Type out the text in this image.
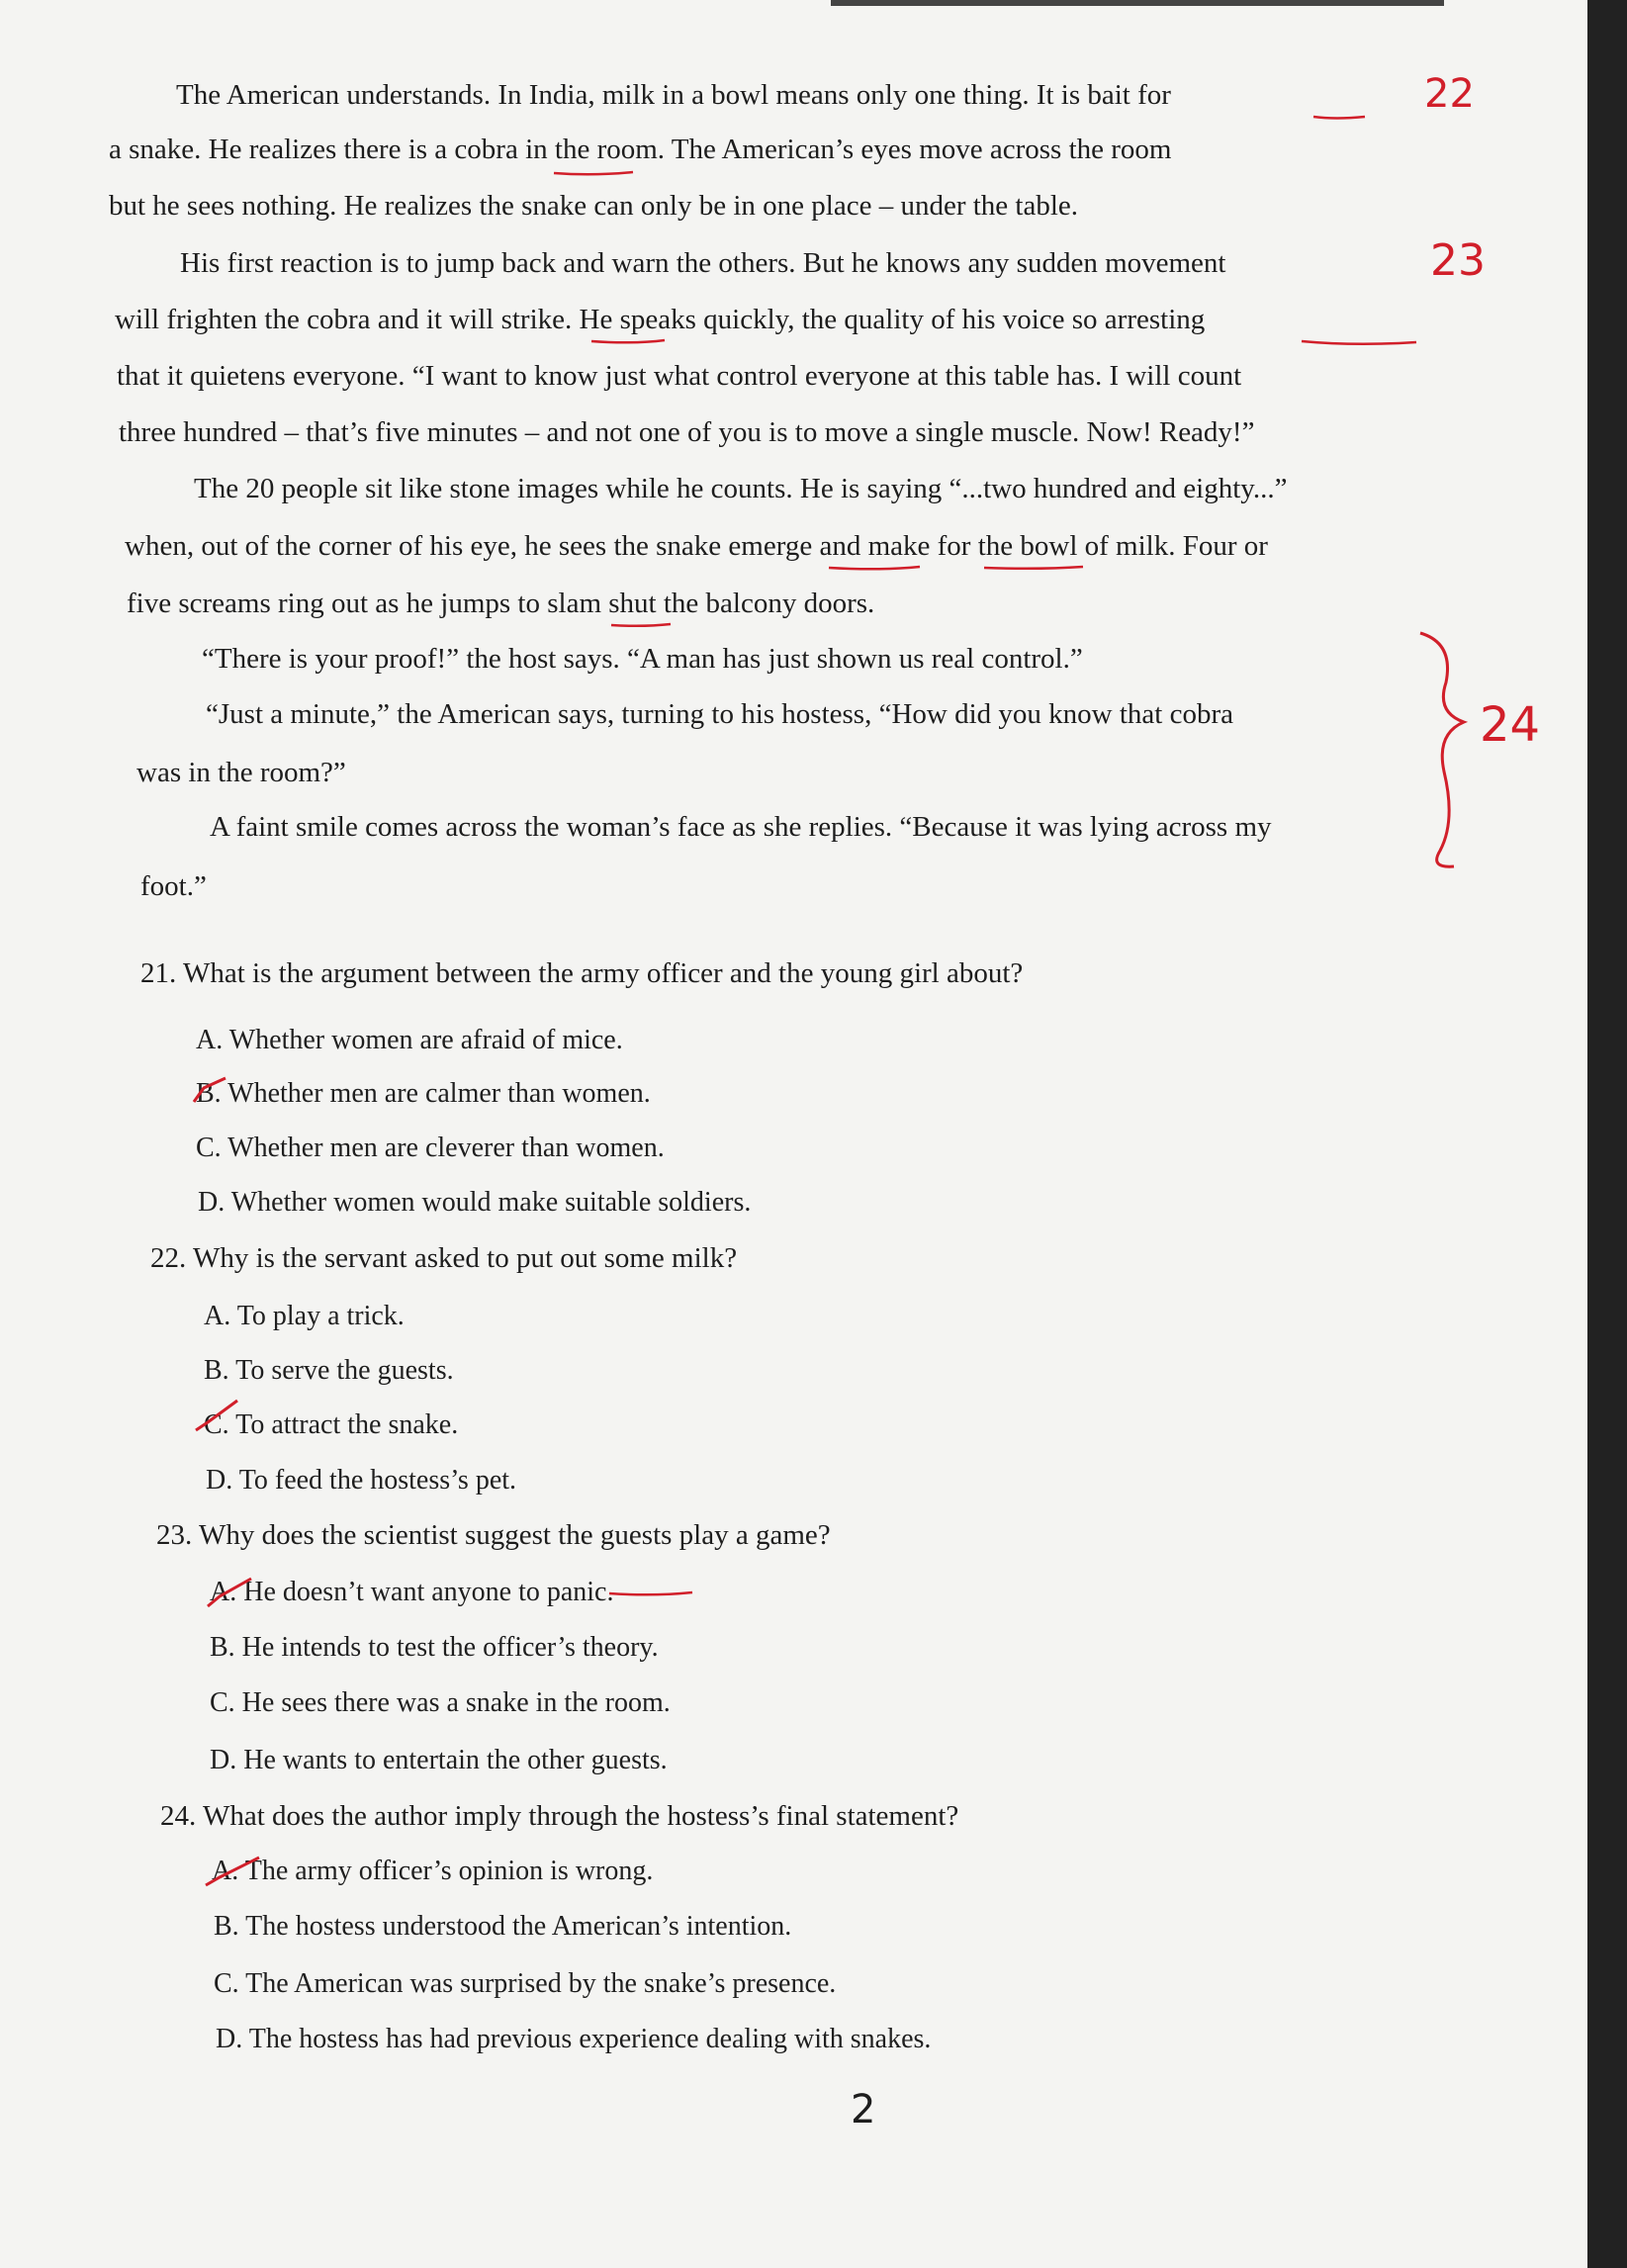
The American understands. In India, milk in a bowl means only one thing. It is bait for
a snake. He realizes there is a cobra in the room. The American’s eyes move across the room
but he sees nothing. He realizes the snake can only be in one place – under the table.
His first reaction is to jump back and warn the others. But he knows any sudden movement
will frighten the cobra and it will strike. He speaks quickly, the quality of his voice so arresting
that it quietens everyone. “I want to know just what control everyone at this table has. I will count
three hundred – that’s five minutes – and not one of you is to move a single muscle. Now! Ready!”
The 20 people sit like stone images while he counts. He is saying “...two hundred and eighty...”
when, out of the corner of his eye, he sees the snake emerge and make for the bowl of milk. Four or
five screams ring out as he jumps to slam shut the balcony doors.
“There is your proof!” the host says. “A man has just shown us real control.”
“Just a minute,” the American says, turning to his hostess, “How did you know that cobra
was in the room?”
A faint smile comes across the woman’s face as she replies. “Because it was lying across my
foot.”
22
23
24
21. What is the argument between the army officer and the young girl about?
A. Whether women are afraid of mice.
B. Whether men are calmer than women.
C. Whether men are cleverer than women.
D. Whether women would make suitable soldiers.
22. Why is the servant asked to put out some milk?
A. To play a trick.
B. To serve the guests.
C. To attract the snake.
D. To feed the hostess’s pet.
23. Why does the scientist suggest the guests play a game?
A. He doesn’t want anyone to panic.
B. He intends to test the officer’s theory.
C. He sees there was a snake in the room.
D. He wants to entertain the other guests.
24. What does the author imply through the hostess’s final statement?
A. The army officer’s opinion is wrong.
B. The hostess understood the American’s intention.
C. The American was surprised by the snake’s presence.
D. The hostess has had previous experience dealing with snakes.
2
